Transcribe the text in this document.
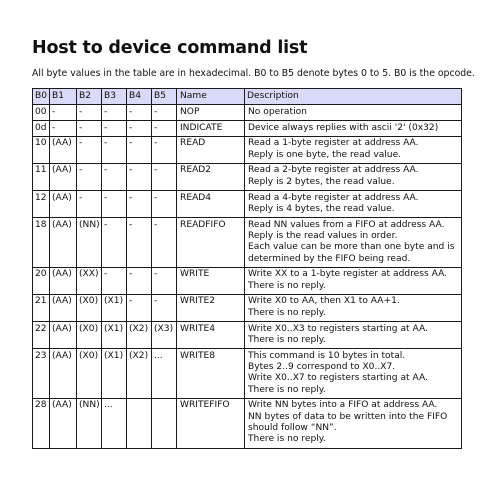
Host to device command list

All byte values in the table are in hexadecimal. B0 to B5 denote bytes 0 to 5. B0 is the opcode.

B0	B1	B2	B3	B4	B5	Name	Description
00	-	-	-	-	-	NOP	No operation

0d	-	-	-	-	-	INDICATE	Device always replies with ascii '2' (0x32)

10	(AA)	-	-	-	-	READ	Read a 1-byte register at address AA.
Reply is one byte, the read value.

11	(AA)	-	-	-	-	READ2	Read a 2-byte register at address AA.
Reply is 2 bytes, the read value.

12	(AA)	-	-	-	-	READ4	Read a 4-byte register at address AA.
Reply is 4 bytes, the read value.

18	(AA)	(NN)	-	-	-	READFIFO	Read NN values from a FIFO at address AA.
Reply is the read values in order.
Each value can be more than one byte and is
determined by the FIFO being read.

20	(AA)	(XX)	-	-	-	WRITE	Write XX to a 1-byte register at address AA.
There is no reply.

21	(AA)	(X0)	(X1)	-	-	WRITE2	Write X0 to AA, then X1 to AA+1.
There is no reply.

22	(AA)	(X0)	(X1)	(X2)	(X3)	WRITE4	Write X0..X3 to registers starting at AA.
There is no reply.

23	(AA)	(X0)	(X1)	(X2)	...	WRITE8	This command is 10 bytes in total.
Bytes 2..9 correspond to X0..X7.
Write X0..X7 to registers starting at AA.
There is no reply.

28	(AA)	(NN)	...			WRITEFIFO	Write NN bytes into a FIFO at address AA.
NN bytes of data to be written into the FIFO
should follow “NN”.
There is no reply.
